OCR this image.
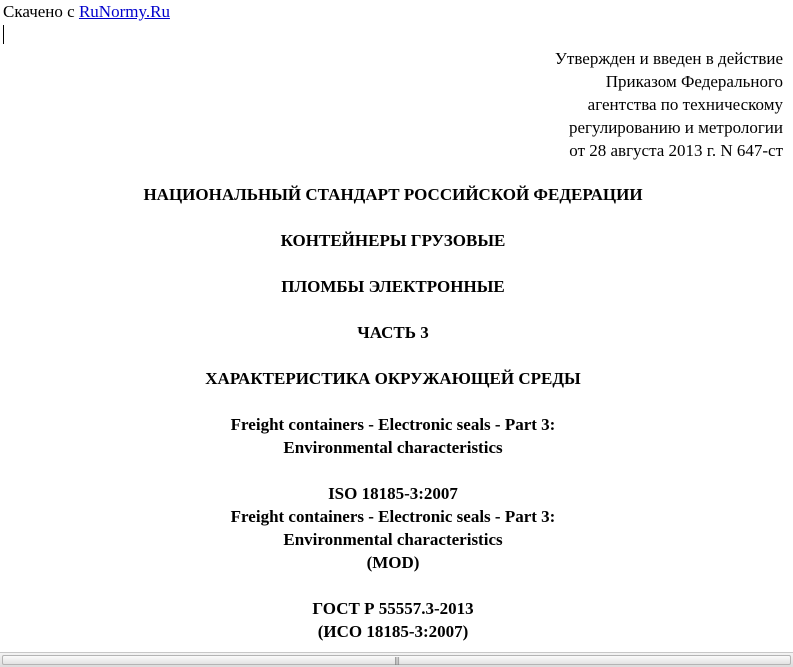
Скачено с RuNormy.Ru
Утвержден и введен в действие
Приказом Федерального
агентства по техническому
регулированию и метрологии
от 28 августа 2013 г. N 647-ст
НАЦИОНАЛЬНЫЙ СТАНДАРТ РОССИЙСКОЙ ФЕДЕРАЦИИ
КОНТЕЙНЕРЫ ГРУЗОВЫЕ
ПЛОМБЫ ЭЛЕКТРОННЫЕ
ЧАСТЬ 3
ХАРАКТЕРИСТИКА ОКРУЖАЮЩЕЙ СРЕДЫ
Freight containers - Electronic seals - Part 3:
Environmental characteristics
ISO 18185-3:2007
Freight containers - Electronic seals - Part 3:
Environmental characteristics
(MOD)
ГОСТ Р 55557.3-2013
(ИСО 18185-3:2007)
|||
